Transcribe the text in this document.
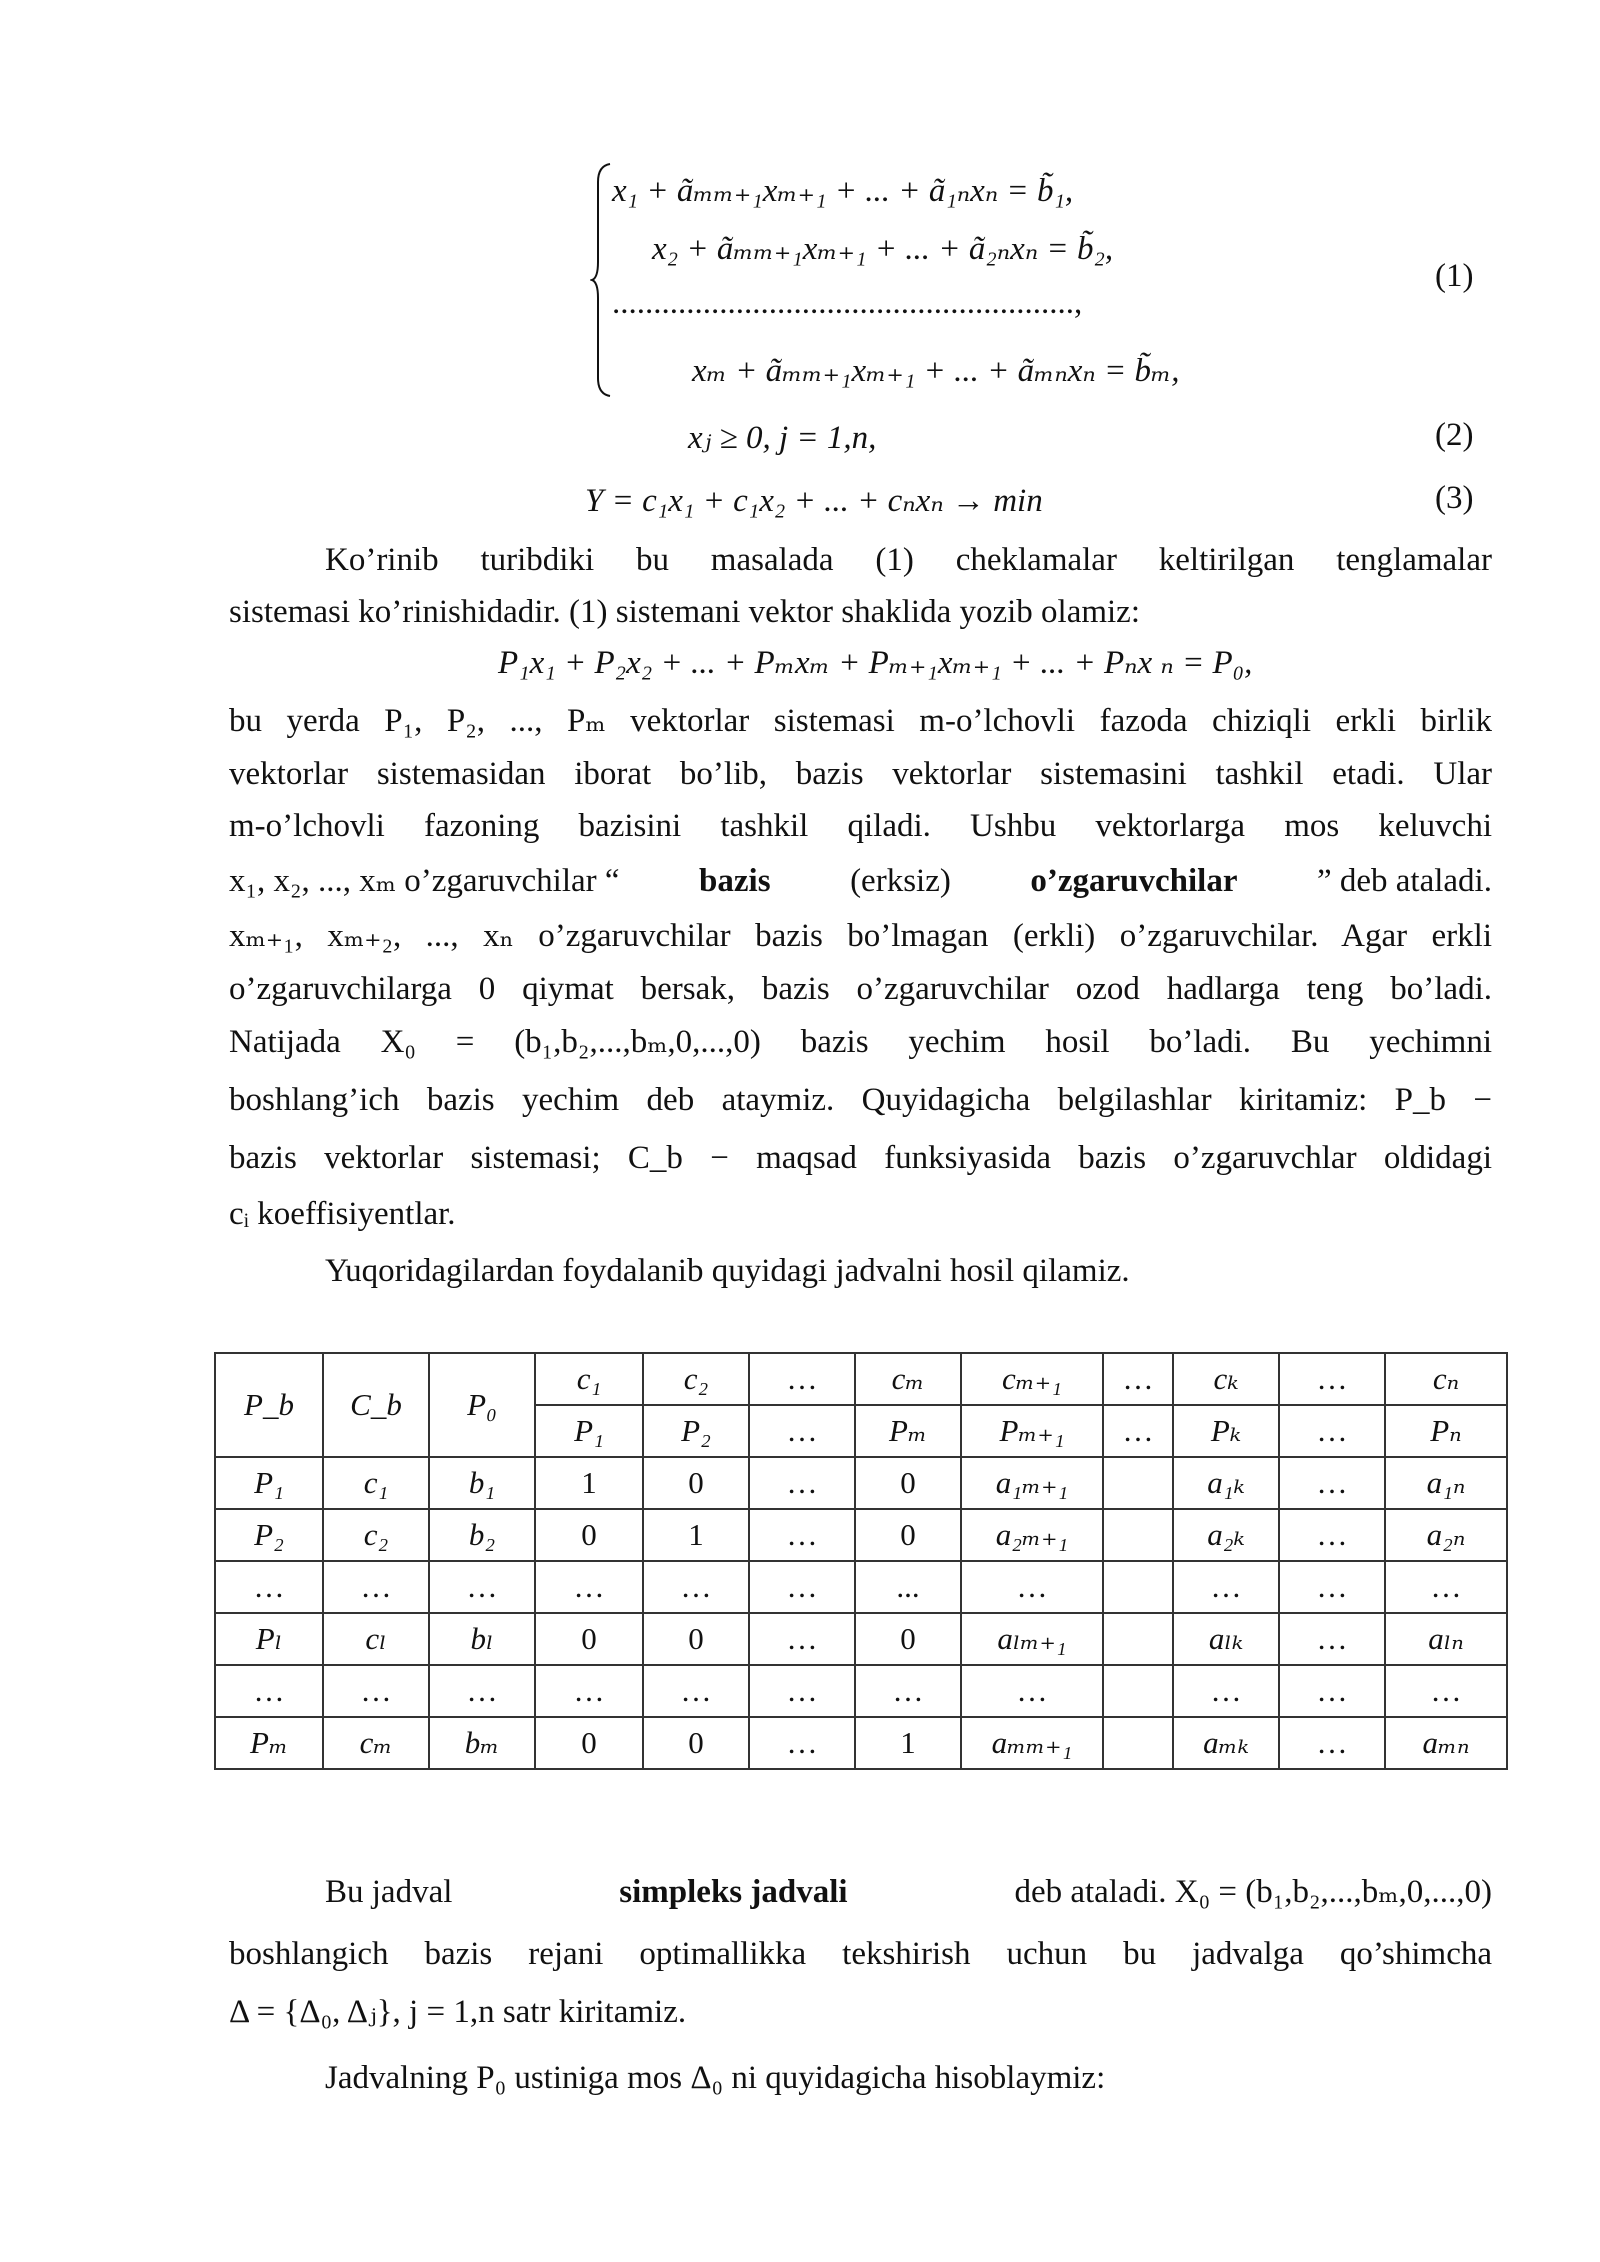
x₁ + ãₘₘ₊₁xₘ₊₁ + ... + ã₁ₙxₙ = b̃₁,
x₂ + ãₘₘ₊₁xₘ₊₁ + ... + ã₂ₙxₙ = b̃₂,
........................................................,
xₘ + ãₘₘ₊₁xₘ₊₁ + ... + ãₘₙxₙ = b̃ₘ,
(1)
xⱼ ≥ 0, j = 1,n,	(2)
Y = c₁x₁ + c₁x₂ + ... + cₙxₙ → min	(3)
Ko’rinib turibdiki bu masalada (1) cheklamalar keltirilgan tenglamalar
sistemasi ko’rinishidadir. (1) sistemani vektor shaklida yozib olamiz:
P₁x₁ + P₂x₂ + ... + Pₘxₘ + Pₘ₊₁xₘ₊₁ + ... + Pₙx ₙ = P₀,
bu yerda P₁, P₂, ..., Pₘ vektorlar sistemasi m-o’lchovli fazoda chiziqli erkli birlik
vektorlar sistemasidan iborat bo’lib, bazis vektorlar sistemasini tashkil etadi. Ular
m-o’lchovli fazoning bazisini tashkil qiladi. Ushbu vektorlarga mos keluvchi
x₁, x₂, ..., xₘ o’zgaruvchilar “ bazis (erksiz) o’zgaruvchilar ” deb ataladi.
xₘ₊₁, xₘ₊₂, ..., xₙ o’zgaruvchilar bazis bo’lmagan (erkli) o’zgaruvchilar. Agar erkli
o’zgaruvchilarga 0 qiymat bersak, bazis o’zgaruvchilar ozod hadlarga teng bo’ladi.
Natijada X₀ = (b₁,b₂,...,bₘ,0,...,0) bazis yechim hosil bo’ladi. Bu yechimni
boshlang’ich bazis yechim deb ataymiz. Quyidagicha belgilashlar kiritamiz: P_b −
bazis vektorlar sistemasi; C_b − maqsad funksiyasida bazis o’zgaruvchlar oldidagi
cᵢ koeffisiyentlar.
Yuqoridagilardan foydalanib quyidagi jadvalni hosil qilamiz.
P_b	C_b	P₀	c₁	c₂	…	cₘ	cₘ₊₁	…	cₖ	…	cₙ
			P₁	P₂	…	Pₘ	Pₘ₊₁	…	Pₖ	…	Pₙ
P₁	c₁	b₁	1	0	…	0	a₁ₘ₊₁		a₁ₖ	…	a₁ₙ
P₂	c₂	b₂	0	1	…	0	a₂ₘ₊₁		a₂ₖ	…	a₂ₙ
…	…	…	…	…	…	...	…		…	…	…
Pₗ	cₗ	bₗ	0	0	…	0	aₗₘ₊₁		aₗₖ	…	aₗₙ
…	…	…	…	…	…	…	…		…	…	…
Pₘ	cₘ	bₘ	0	0	…	1	aₘₘ₊₁		aₘₖ	…	aₘₙ
Bu jadval	simpleks jadvali	deb ataladi. X₀ = (b₁,b₂,...,bₘ,0,...,0)
boshlangich bazis rejani optimallikka tekshirish uchun bu jadvalga qo’shimcha
Δ = {Δ₀, Δⱼ}, j = 1,n satr kiritamiz.
Jadvalning P₀ ustiniga mos Δ₀ ni quyidagicha hisoblaymiz:
